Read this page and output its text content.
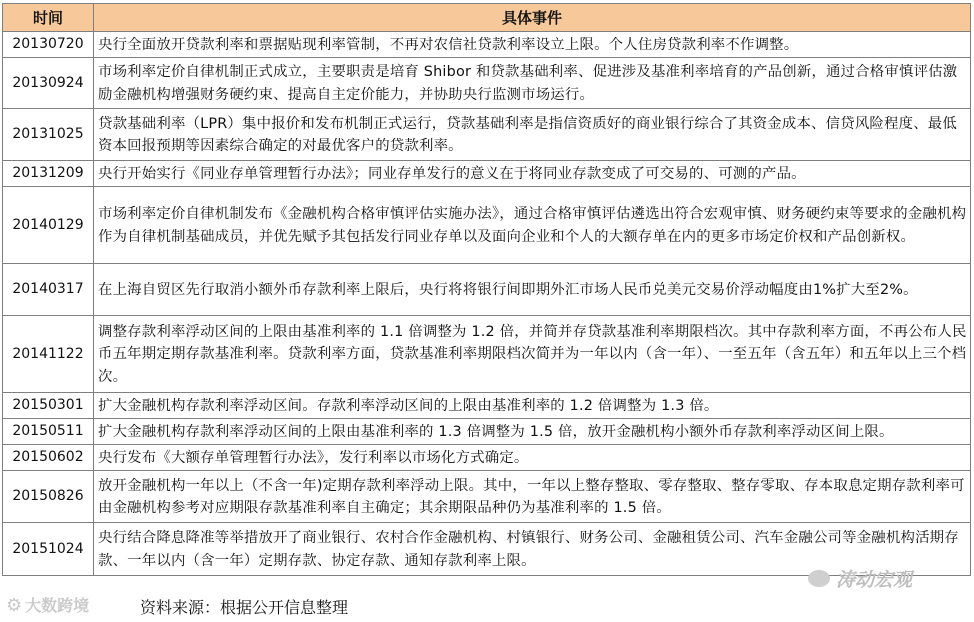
时间	具体事件
20130720	央行全面放开贷款利率和票据贴现利率管制，不再对农信社贷款利率设立上限。个人住房贷款利率不作调整。
20130924	市场利率定价自律机制正式成立，主要职责是培育 Shibor 和贷款基础利率、促进涉及基准利率培育的产品创新，通过合格审慎评估激励金融机构增强财务硬约束、提高自主定价能力，并协助央行监测市场运行。
20131025	贷款基础利率（LPR）集中报价和发布机制正式运行，贷款基础利率是指信资质好的商业银行综合了其资金成本、信贷风险程度、最低资本回报预期等因素综合确定的对最优客户的贷款利率。
20131209	央行开始实行《同业存单管理暂行办法》；同业存单发行的意义在于将同业存款变成了可交易的、可测的产品。
20140129	市场利率定价自律机制发布《金融机构合格审慎评估实施办法》，通过合格审慎评估遴选出符合宏观审慎、财务硬约束等要求的金融机构作为自律机制基础成员，并优先赋予其包括发行同业存单以及面向企业和个人的大额存单在内的更多市场定价权和产品创新权。
20140317	在上海自贸区先行取消小额外币存款利率上限后，央行将将银行间即期外汇市场人民币兑美元交易价浮动幅度由1%扩大至2%。
20141122	调整存款利率浮动区间的上限由基准利率的 1.1 倍调整为 1.2 倍，并简并存贷款基准利率期限档次。其中存款利率方面，不再公布人民币五年期定期存款基准利率。贷款利率方面，贷款基准利率期限档次简并为一年以内（含一年）、一至五年（含五年）和五年以上三个档次。
20150301	扩大金融机构存款利率浮动区间。存款利率浮动区间的上限由基准利率的 1.2 倍调整为 1.3 倍。
20150511	扩大金融机构存款利率浮动区间的上限由基准利率的 1.3 倍调整为 1.5 倍，放开金融机构小额外币存款利率浮动区间上限。
20150602	央行发布《大额存单管理暂行办法》，发行利率以市场化方式确定。
20150826	放开金融机构一年以上（不含一年)定期存款利率浮动上限。其中，一年以上整存整取、零存整取、整存零取、存本取息定期存款利率可由金融机构参考对应期限存款基准利率自主确定；其余期限品种仍为基准利率的 1.5 倍。
20151024	央行结合降息降准等举措放开了商业银行、农村合作金融机构、村镇银行、财务公司、金融租赁公司、汽车金融公司等金融机构活期存款、一年以内（含一年）定期存款、协定存款、通知存款利率上限。
⚙ 大数跨境	资料来源：根据公开信息整理
涛动宏观
